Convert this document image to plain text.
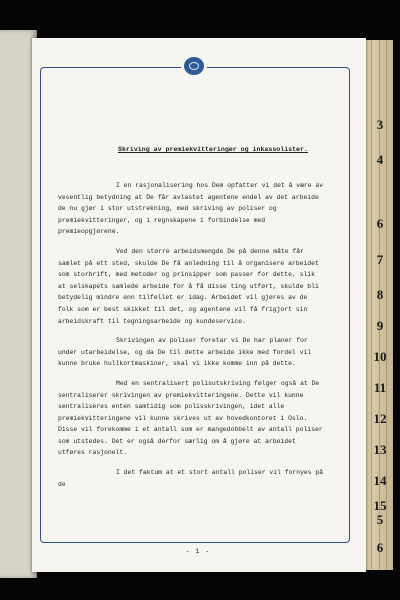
3
4
6
7
8
9
10
11
12
13
14
15
5
6
Skriving av premiekvitteringer og inkassolister.

I en rasjonalisering hos Dem opfatter vi det å være av vesentlig betydning at De får avlastet agentene endel av det arbeide de nu gjør i stor utstrekning, med skriving av poliser og premiekvitteringer, og i regnskapene i forbindelse med premieopgjørene.

Ved den større arbeidsmengde De på denne måte får samlet på ett sted, skulde De få anledning til å organisere arbeidet som storbrift, med metoder og prinsipper som passer for dette, slik at selskapets samlede arbeide for å få disse ting utført, skulde bli betydelig mindre enn tilfellet er idag. Arbeidet vil gjøres av de folk som er best skikket til det, og agentene vil få frigjort sin arbeidskraft til tegningsarbeide og kundeservice.

Skrivingen av poliser foretar vi De har planer for under utarbeidelse, og da De til dette arbeide ikke med fordel vil kunne bruke hullkortmaskiner, skal vi ikke komme inn på dette.

Med en sentralisert polisutskriving følger også at De sentraliserer skrivingen av premiekvitteringene. Dette vil kunne sentraliseres enten samtidig som polisskrivingen, idet alle premiekvitteringene vil kunne skrives ut av hovedkontoret i Oslo. Disse vil forekomme i et antall som er mangedobbelt av antall poliser som utstedes. Det er også derfor særlig om å gjøre at arbeidet utføres rasjonelt.

I det faktum at et stort antall poliser vil fornyes på de

- 1 -
